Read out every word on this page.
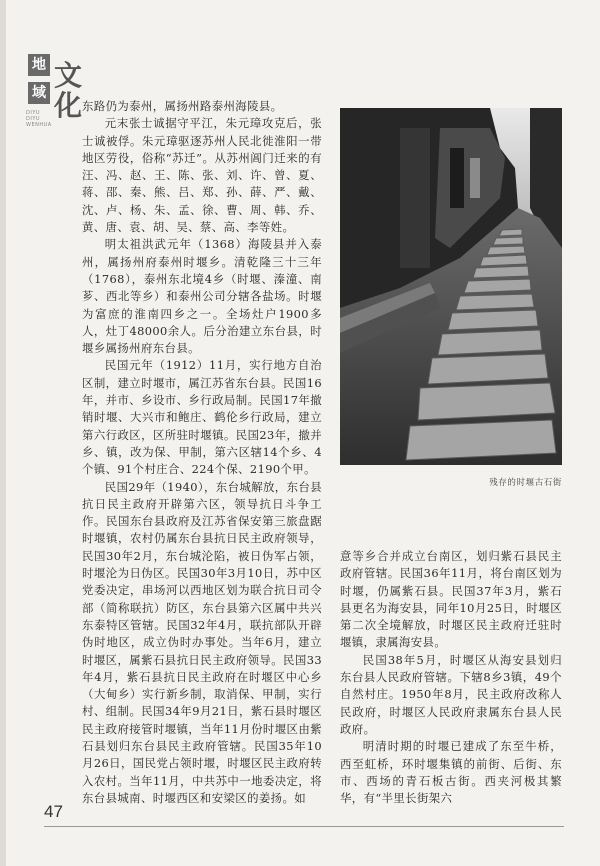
地
域
文
化
DIYU DIYU WENHUA

东路仍为泰州，属扬州路泰州海陵县。

元末张士诚据守平江，朱元璋攻克后，张士诚被俘。朱元璋驱逐苏州人民北徙淮阳一带地区劳役，俗称“苏迁”。从苏州阊门迁来的有汪、冯、赵、王、陈、张、刘、许、曾、夏、蒋、邵、秦、熊、吕、郑、孙、薛、严、戴、沈、卢、杨、朱、孟、徐、曹、周、韩、乔、黄、唐、袁、胡、吴、蔡、高、李等姓。

明太祖洪武元年（1368）海陵县并入泰州，属扬州府泰州时堰乡。清乾隆三十三年（1768），泰州东北境4乡（时堰、溱潼、南芗、西北等乡）和泰州公司分辖各盐场。时堰为富庶的淮南四乡之一。全场灶户1900多人，灶丁48000余人。后分治建立东台县，时堰乡属扬州府东台县。

民国元年（1912）11月，实行地方自治区制，建立时堰市，属江苏省东台县。民国16年，并市、乡设市、乡行政局制。民国17年撤销时堰、大兴市和鲍庄、鹤伦乡行政局，建立第六行政区，区所驻时堰镇。民国23年，撤并乡、镇，改为保、甲制，第六区辖14个乡、4个镇、91个村庄合、224个保、2190个甲。

民国29年（1940），东台城解放，东台县抗日民主政府开辟第六区，领导抗日斗争工作。民国东台县政府及江苏省保安第三旅盘踞时堰镇，农村仍属东台县抗日民主政府领导，民国30年2月，东台城沦陷，被日伪军占领，时堰沦为日伪区。民国30年3月10日，苏中区党委决定，串场河以西地区划为联合抗日司令部（简称联抗）防区，东台县第六区属中共兴东泰特区管辖。民国32年4月，联抗部队开辟伪时地区，成立伪时办事处。当年6月，建立时堰区，属紫石县抗日民主政府领导。民国33年4月，紫石县抗日民主政府在时堰区中心乡（大甸乡）实行新乡制，取消保、甲制，实行村、组制。民国34年9月21日，紫石县时堰区民主政府接管时堰镇，当年11月份时堰区由紫石县划归东台县民主政府管辖。民国35年10月26日，国民党占领时堰，时堰区民主政府转入农村。当年11月，中共苏中一地委决定，将东台县城南、时堰西区和安梁区的姜扬。如

残存的时堰古石街

意等乡合并成立台南区，划归紫石县民主政府管辖。民国36年11月，将台南区划为时堰，仍属紫石县。民国37年3月，紫石县更名为海安县，同年10月25日，时堰区第二次全境解放，时堰区民主政府迁驻时堰镇，隶属海安县。

民国38年5月，时堰区从海安县划归东台县人民政府管辖。下辖8乡3镇，49个自然村庄。1950年8月，民主政府改称人民政府，时堰区人民政府隶属东台县人民政府。

明清时期的时堰已建成了东至牛桥，西至虹桥，环时堰集镇的前街、后街、东市、西场的青石板古街。西夹河极其繁华，有“半里长街架六

47
